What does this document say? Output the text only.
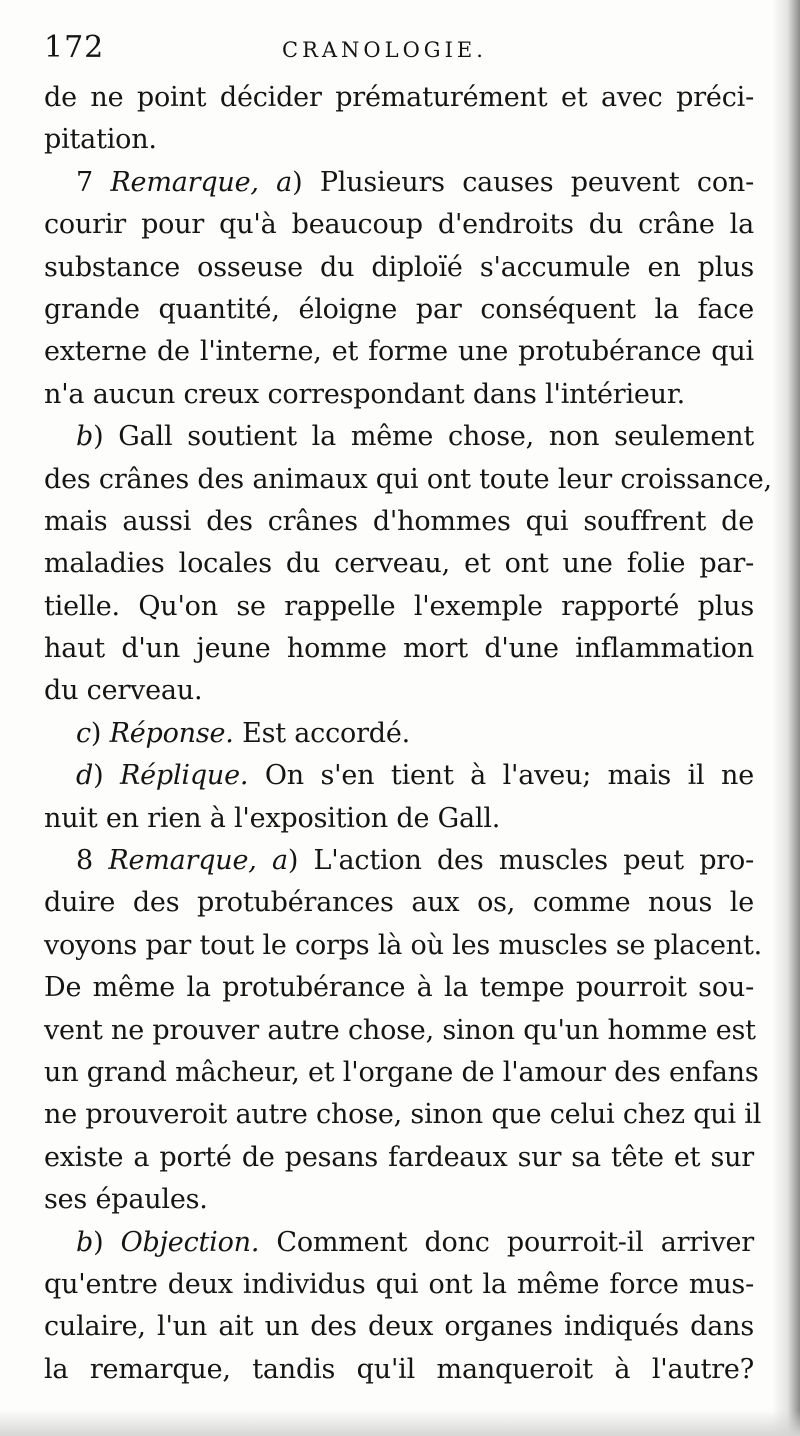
172	CRANOLOGIE.
de ne point décider prématurément et avec préci-
pitation.
7 Remarque, a) Plusieurs causes peuvent con-
courir pour qu'à beaucoup d'endroits du crâne la
substance osseuse du diploïé s'accumule en plus
grande quantité, éloigne par conséquent la face
externe de l'interne, et forme une protubérance qui
n'a aucun creux correspondant dans l'intérieur.
b) Gall soutient la même chose, non seulement
des crânes des animaux qui ont toute leur croissance,
mais aussi des crânes d'hommes qui souffrent de
maladies locales du cerveau, et ont une folie par-
tielle. Qu'on se rappelle l'exemple rapporté plus
haut d'un jeune homme mort d'une inflammation
du cerveau.
c) Réponse. Est accordé.
d) Réplique. On s'en tient à l'aveu; mais il ne
nuit en rien à l'exposition de Gall.
8 Remarque, a) L'action des muscles peut pro-
duire des protubérances aux os, comme nous le
voyons par tout le corps là où les muscles se placent.
De même la protubérance à la tempe pourroit sou-
vent ne prouver autre chose, sinon qu'un homme est
un grand mâcheur, et l'organe de l'amour des enfans
ne prouveroit autre chose, sinon que celui chez qui il
existe a porté de pesans fardeaux sur sa tête et sur
ses épaules.
b) Objection. Comment donc pourroit-il arriver
qu'entre deux individus qui ont la même force mus-
culaire, l'un ait un des deux organes indiqués dans
la remarque, tandis qu'il manqueroit à l'autre?
